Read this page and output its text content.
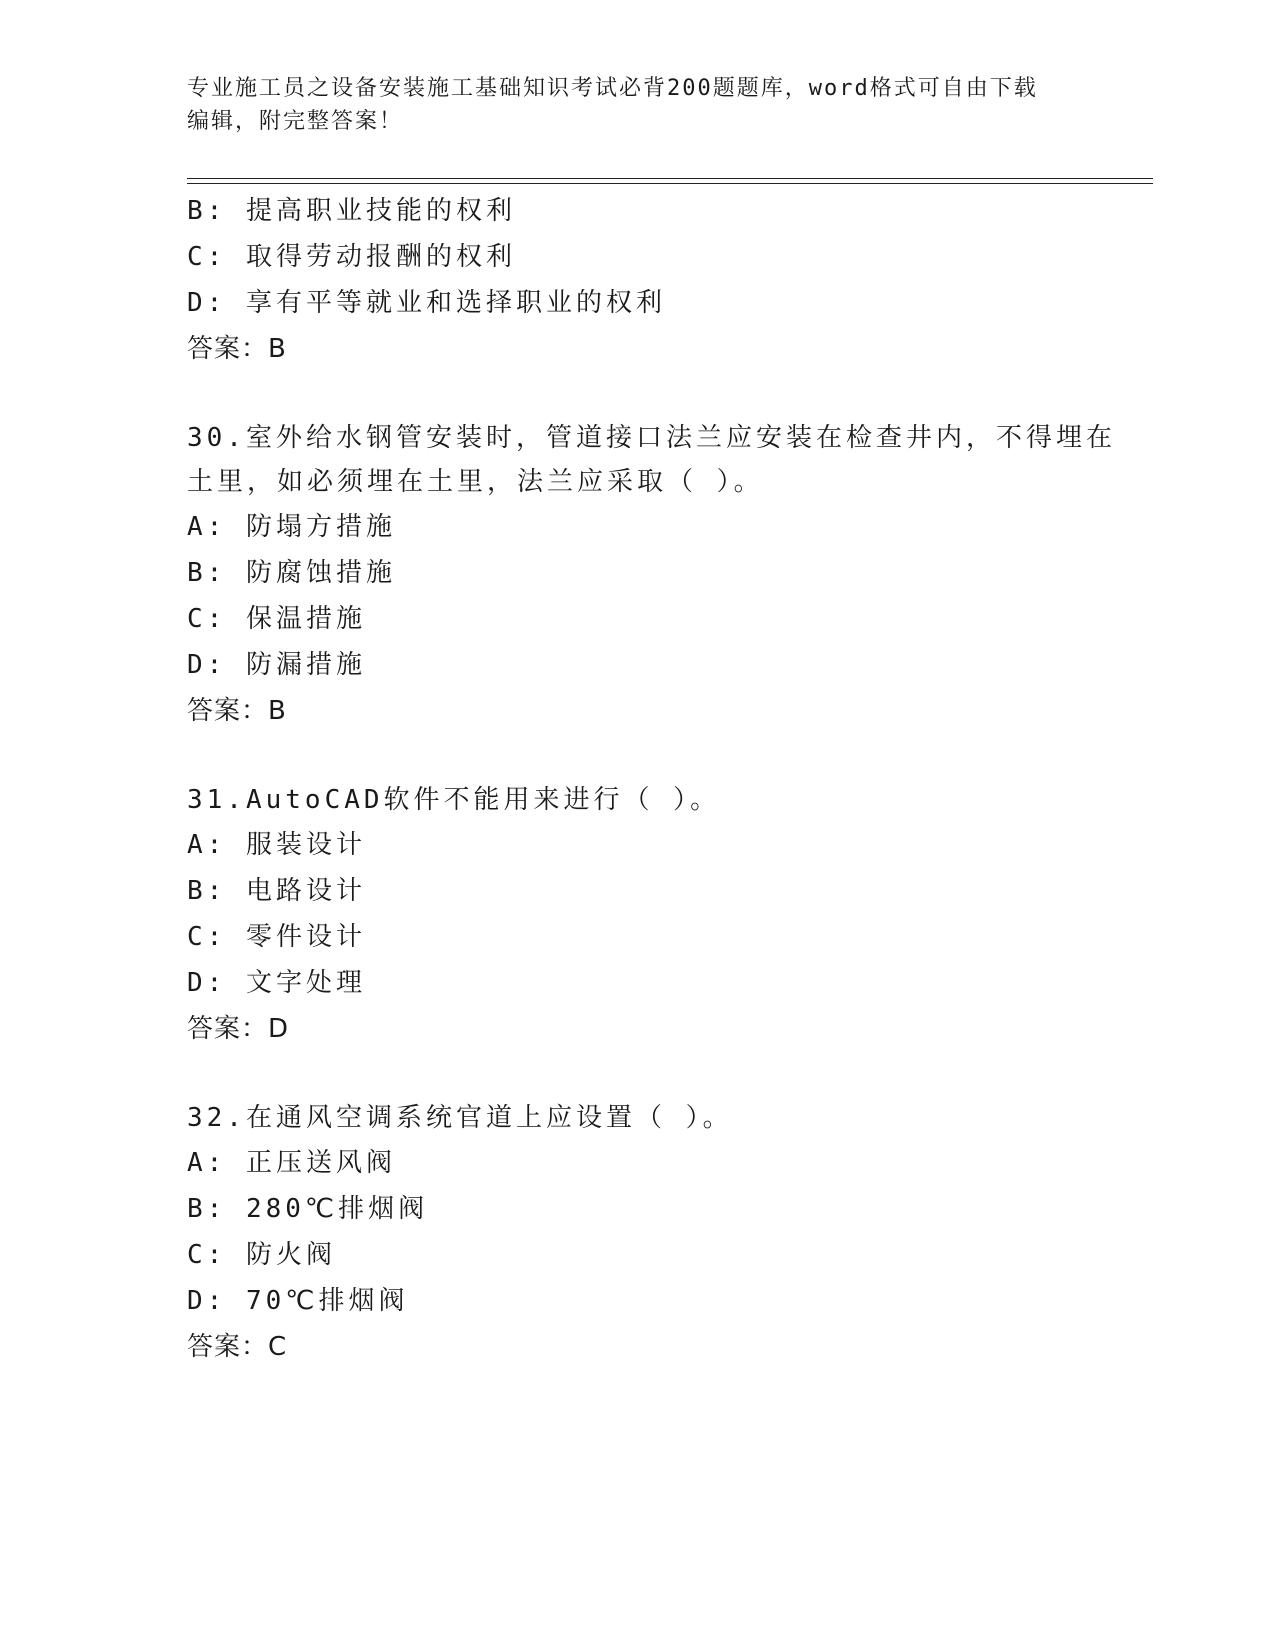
专业施工员之设备安装施工基础知识考试必背200题题库，word格式可自由下载
编辑，附完整答案！
B: 提高职业技能的权利
C: 取得劳动报酬的权利
D: 享有平等就业和选择职业的权利
答案：B
30.室外给水钢管安装时，管道接口法兰应安装在检查井内，不得埋在
土里，如必须埋在土里，法兰应采取（ ）。
A: 防塌方措施
B: 防腐蚀措施
C: 保温措施
D: 防漏措施
答案：B
31.AutoCAD软件不能用来进行（ ）。
A: 服装设计
B: 电路设计
C: 零件设计
D: 文字处理
答案：D
32.在通风空调系统官道上应设置（ ）。
A: 正压送风阀
B: 280℃排烟阀
C: 防火阀
D: 70℃排烟阀
答案：C
